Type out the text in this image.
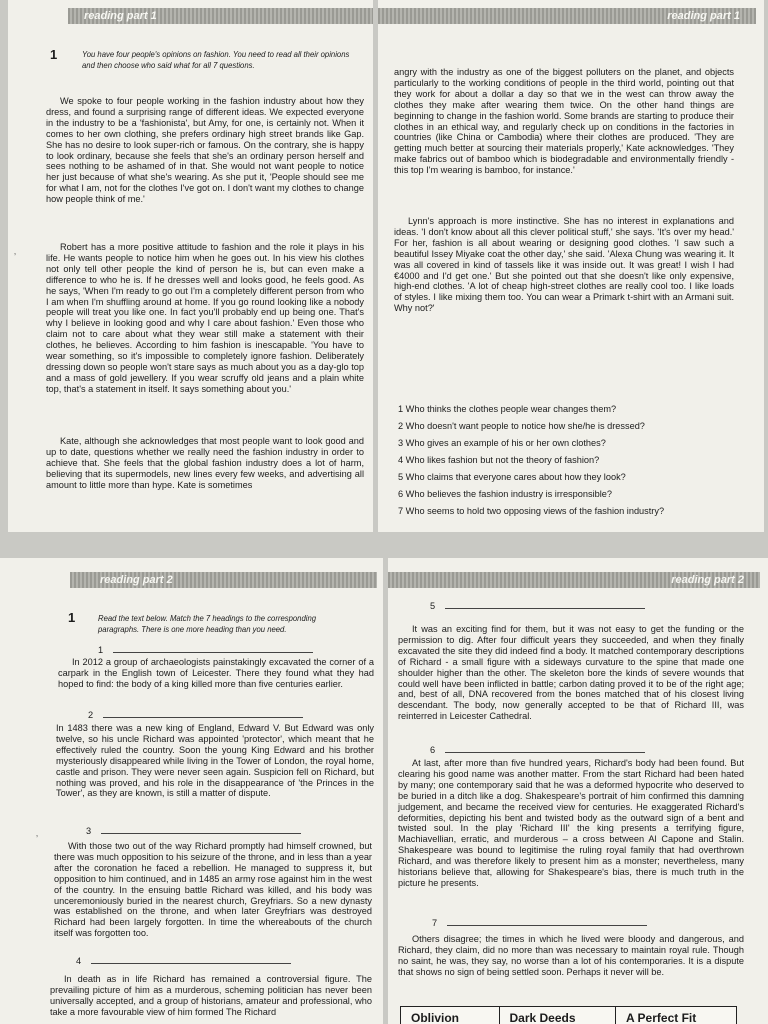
reading part 1
1	You have four people's opinions on fashion. You need to read all their opinions and then choose who said what for all 7 questions.

We spoke to four people working in the fashion industry about how they dress, and found a surprising range of different ideas. We expected everyone in the industry to be a 'fashionista', but Amy, for one, is certainly not. When it comes to her own clothing, she prefers ordinary high street brands like Gap. She has no desire to look super-rich or famous. On the contrary, she is happy to look ordinary, because she feels that she's an ordinary person herself and sees nothing to be ashamed of in that. She would not want people to notice her just because of what she's wearing. As she put it, 'People should see me for what I am, not for the clothes I've got on. I don't want my clothes to change how people think of me.'

Robert has a more positive attitude to fashion and the role it plays in his life. He wants people to notice him when he goes out. In his view his clothes not only tell other people the kind of person he is, but can even make a difference to who he is. If he dresses well and looks good, he feels good. As he says, 'When I'm ready to go out I'm a completely different person from who I am when I'm shuffling around at home. If you go round looking like a nobody people will treat you like one. In fact you'll probably end up being one. That's why I believe in looking good and why I care about fashion.' Even those who claim not to care about what they wear still make a statement with their clothes, he believes. According to him fashion is inescapable. 'You have to wear something, so it's impossible to completely ignore fashion. Deliberately dressing down so people won't stare says as much about you as a day-glo top and a mass of gold jewellery. If you wear scruffy old jeans and a plain white top, that's a statement in itself. It says something about you.'

Kate, although she acknowledges that most people want to look good and up to date, questions whether we really need the fashion industry in order to achieve that. She feels that the global fashion industry does a lot of harm, believing that its supermodels, new lines every few weeks, and advertising all amount to little more than hype. Kate is sometimes

‚
reading part 1

angry with the industry as one of the biggest polluters on the planet, and objects particularly to the working conditions of people in the third world, pointing out that they work for about a dollar a day so that we in the west can throw away the clothes they make after wearing them twice. On the other hand things are beginning to change in the fashion world. Some brands are starting to produce their clothes in an ethical way, and regularly check up on conditions in the factories in countries (like China or Cambodia) where their clothes are produced. 'They are getting much better at sourcing their materials properly,' Kate acknowledges. 'They make fabrics out of bamboo which is biodegradable and environmentally friendly - this top I'm wearing is bamboo, for instance.'

Lynn's approach is more instinctive. She has no interest in explanations and ideas. 'I don't know about all this clever political stuff,' she says. 'It's over my head.' For her, fashion is all about wearing or designing good clothes. 'I saw such a beautiful Issey Miyake coat the other day,' she said. 'Alexa Chung was wearing it. It was all covered in kind of tassels like it was inside out. It was great! I wish I had €4000 and I'd get one.' But she pointed out that she doesn't like only expensive, high-end clothes. 'A lot of cheap high-street clothes are really cool too. I like loads of styles. I like mixing them too. You can wear a Primark t-shirt with an Armani suit. Why not?'

1 Who thinks the clothes people wear changes them?
2 Who doesn't want people to notice how she/he is dressed?
3 Who gives an example of his or her own clothes?
4 Who likes fashion but not the theory of fashion?
5 Who claims that everyone cares about how they look?
6 Who believes the fashion industry is irresponsible?
7 Who seems to hold two opposing views of the fashion industry?
reading part 2
1	Read the text below. Match the 7 headings to the corresponding paragraphs. There is one more heading than you need.
1

In 2012 a group of archaeologists painstakingly excavated the corner of a carpark in the English town of Leicester. There they found what they had hoped to find: the body of a king killed more than five centuries earlier.

2

In 1483 there was a new king of England, Edward V. But Edward was only twelve, so his uncle Richard was appointed 'protector', which meant that he effectively ruled the country. Soon the young King Edward and his brother mysteriously disappeared while living in the Tower of London, the royal home, castle and prison. They were never seen again. Suspicion fell on Richard, but nothing was proved, and his role in the disappearance of 'the Princes in the Tower', as they are known, is still a matter of dispute.

3

With those two out of the way Richard promptly had himself crowned, but there was much opposition to his seizure of the throne, and in less than a year after the coronation he faced a rebellion. He managed to suppress it, but opposition to him continued, and in 1485 an army rose against him in the west of the country. In the ensuing battle Richard was killed, and his body was unceremoniously buried in the nearest church, Greyfriars. So a new dynasty was established on the throne, and when later Greyfriars was destroyed Richard had been largely forgotten. In time the whereabouts of the church itself was forgotten too.

4

In death as in life Richard has remained a controversial figure. The prevailing picture of him as a murderous, scheming politician has never been universally accepted, and a group of historians, amateur and professional, who take a more favourable view of him formed The Richard

‚
reading part 2
5

It was an exciting find for them, but it was not easy to get the funding or the permission to dig. After four difficult years they succeeded, and when they finally excavated the site they did indeed find a body. It matched contemporary descriptions of Richard - a small figure with a sideways curvature to the spine that made one shoulder higher than the other. The skeleton bore the kinds of severe wounds that could well have been inflicted in battle; carbon dating proved it to be of the right age; and, best of all, DNA recovered from the bones matched that of his closest living descendant. The body, now generally accepted to be that of Richard III, was reinterred in Leicester Cathedral.

6

At last, after more than five hundred years, Richard's body had been found. But clearing his good name was another matter. From the start Richard had been hated by many; one contemporary said that he was a deformed hypocrite who deserved to be buried in a ditch like a dog. Shakespeare's portrait of him confirmed this damning judgement, and became the received view for centuries. He exaggerated Richard's deformities, depicting his bent and twisted body as the outward sign of a bent and twisted soul. In the play 'Richard III' the king presents a terrifying figure, Machiavellian, erratic, and murderous – a cross between Al Capone and Stalin. Shakespeare was bound to legitimise the ruling royal family that had overthrown Richard, and was therefore likely to present him as a monster; nevertheless, many historians believe that, allowing for Shakespeare's bias, there is much truth in the picture he presents.

7

Others disagree; the times in which he lived were bloody and dangerous, and Richard, they claim, did no more than was necessary to maintain royal rule. Though no saint, he was, they say, no worse than a lot of his contemporaries. It is a dispute that shows no sign of being settled soon. Perhaps it never will be.

Oblivion	Dark Deeds	A Perfect Fit
